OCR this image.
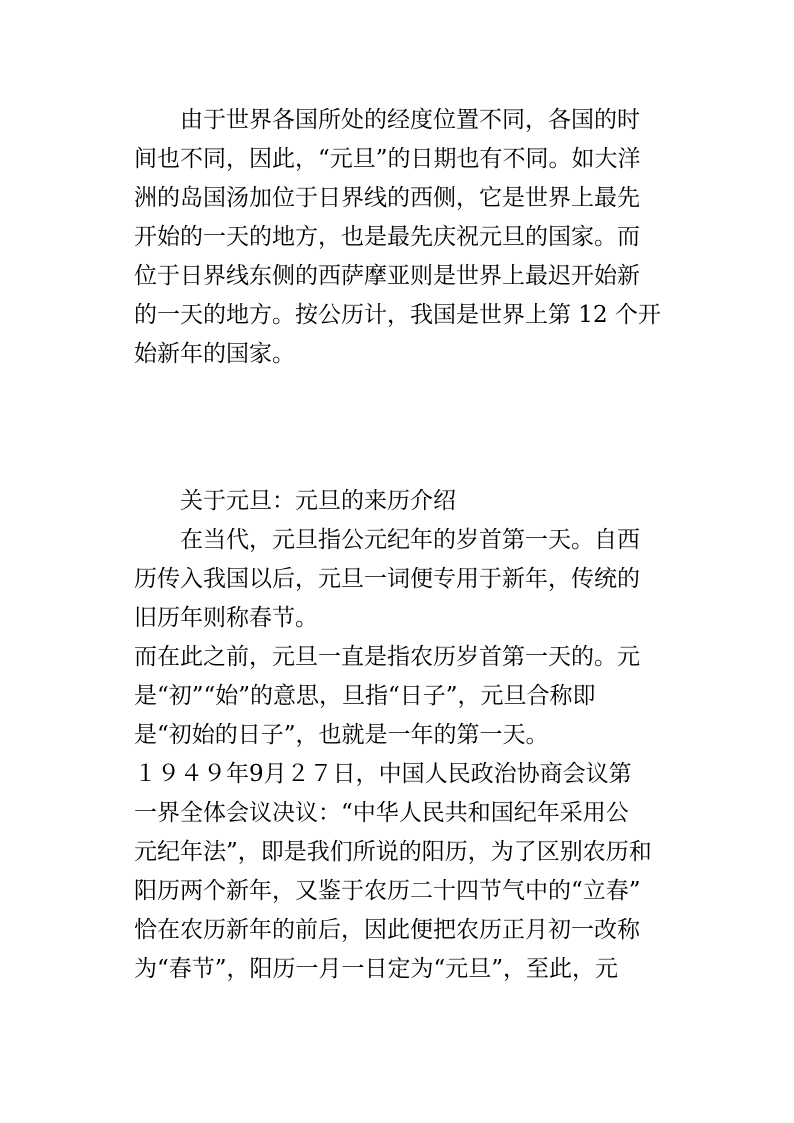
由于世界各国所处的经度位置不同，各国的时
间也不同，因此，“元旦”的日期也有不同。如大洋
洲的岛国汤加位于日界线的西侧，它是世界上最先
开始的一天的地方，也是最先庆祝元旦的国家。而
位于日界线东侧的西萨摩亚则是世界上最迟开始新
的一天的地方。按公历计，我国是世界上第 12 个开
始新年的国家。
关于元旦：元旦的来历介绍
在当代，元旦指公元纪年的岁首第一天。自西
历传入我国以后，元旦一词便专用于新年，传统的
旧历年则称春节。
而在此之前，元旦一直是指农历岁首第一天的。元
是“初”“始”的意思，旦指“日子”，元旦合称即
是“初始的日子”，也就是一年的第一天。
１９４９年9月２７日，中国人民政治协商会议第
一界全体会议决议：“中华人民共和国纪年采用公
元纪年法”，即是我们所说的阳历，为了区别农历和
阳历两个新年，又鉴于农历二十四节气中的“立春”
恰在农历新年的前后，因此便把农历正月初一改称
为“春节”，阳历一月一日定为“元旦”，至此，元
